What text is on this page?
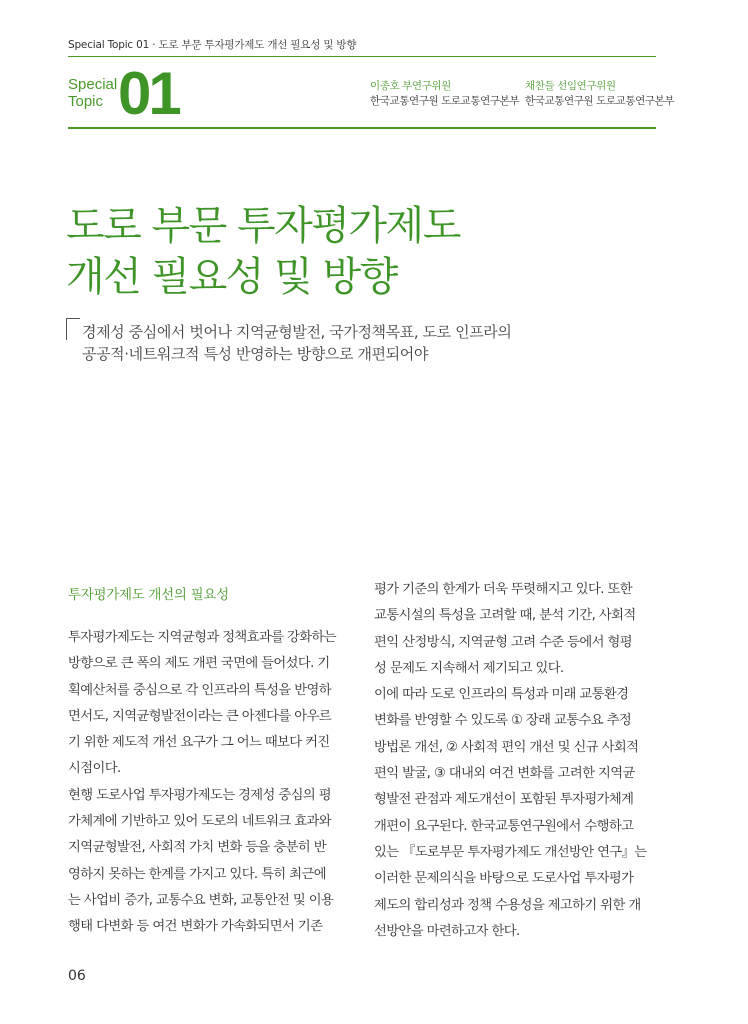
Special Topic 01 · 도로 부문 투자평가제도 개선 필요성 및 방향
Special
Topic 01	이종호 부연구위원
한국교통연구원 도로교통연구본부
채찬들 선임연구위원
한국교통연구원 도로교통연구본부
도로 부문 투자평가제도
개선 필요성 및 방향
경제성 중심에서 벗어나 지역균형발전, 국가정책목표, 도로 인프라의
공공적·네트워크적 특성 반영하는 방향으로 개편되어야
투자평가제도 개선의 필요성
투자평가제도는 지역균형과 정책효과를 강화하는
방향으로 큰 폭의 제도 개편 국면에 들어섰다. 기
획예산처를 중심으로 각 인프라의 특성을 반영하
면서도, 지역균형발전이라는 큰 아젠다를 아우르
기 위한 제도적 개선 요구가 그 어느 때보다 커진
시점이다.
현행 도로사업 투자평가제도는 경제성 중심의 평
가체계에 기반하고 있어 도로의 네트워크 효과와
지역균형발전, 사회적 가치 변화 등을 충분히 반
영하지 못하는 한계를 가지고 있다. 특히 최근에
는 사업비 증가, 교통수요 변화, 교통안전 및 이용
행태 다변화 등 여건 변화가 가속화되면서 기존
평가 기준의 한계가 더욱 뚜렷해지고 있다. 또한
교통시설의 특성을 고려할 때, 분석 기간, 사회적
편익 산정방식, 지역균형 고려 수준 등에서 형평
성 문제도 지속해서 제기되고 있다.
이에 따라 도로 인프라의 특성과 미래 교통환경
변화를 반영할 수 있도록 ① 장래 교통수요 추정
방법론 개선, ② 사회적 편익 개선 및 신규 사회적
편익 발굴, ③ 대내외 여건 변화를 고려한 지역균
형발전 관점과 제도개선이 포함된 투자평가체계
개편이 요구된다. 한국교통연구원에서 수행하고
있는 『도로부문 투자평가제도 개선방안 연구』는
이러한 문제의식을 바탕으로 도로사업 투자평가
제도의 합리성과 정책 수용성을 제고하기 위한 개
선방안을 마련하고자 한다.
06
